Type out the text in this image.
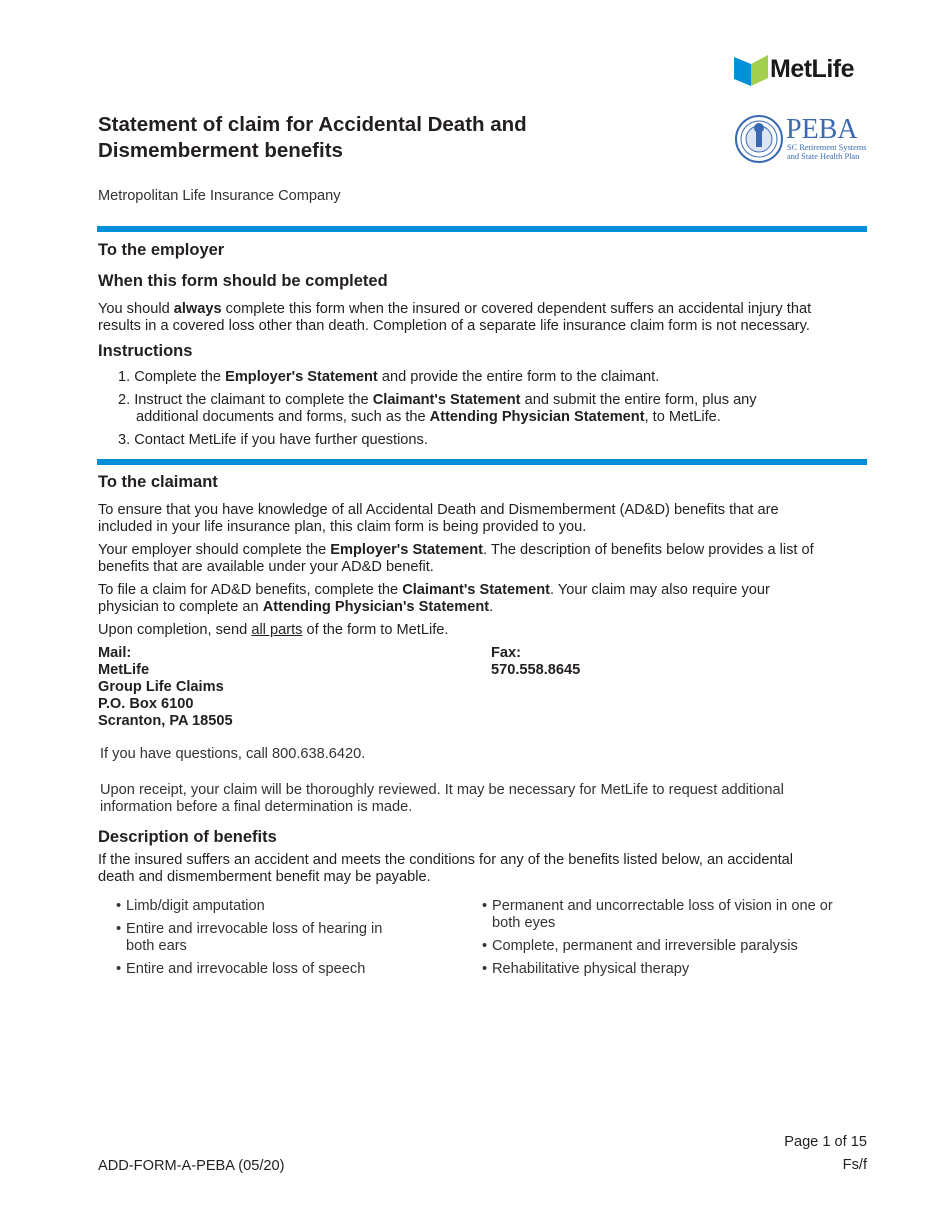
MetLife
PEBA
SC Retirement Systems
and State Health Plan
Statement of claim for Accidental Death and
Dismemberment benefits
Metropolitan Life Insurance Company
To the employer
When this form should be completed
You should always complete this form when the insured or covered dependent suffers an accidental injury that
results in a covered loss other than death. Completion of a separate life insurance claim form is not necessary.
Instructions
1. Complete the Employer's Statement and provide the entire form to the claimant.
2. Instruct the claimant to complete the Claimant's Statement and submit the entire form, plus any
additional documents and forms, such as the Attending Physician Statement, to MetLife.
3. Contact MetLife if you have further questions.
To the claimant
To ensure that you have knowledge of all Accidental Death and Dismemberment (AD&D) benefits that are
included in your life insurance plan, this claim form is being provided to you.
Your employer should complete the Employer's Statement. The description of benefits below provides a list of
benefits that are available under your AD&D benefit.
To file a claim for AD&D benefits, complete the Claimant's Statement. Your claim may also require your
physician to complete an Attending Physician's Statement.
Upon completion, send all parts of the form to MetLife.
Mail:
MetLife
Group Life Claims
P.O. Box 6100
Scranton, PA 18505
Fax:
570.558.8645
If you have questions, call 800.638.6420.
Upon receipt, your claim will be thoroughly reviewed. It may be necessary for MetLife to request additional
information before a final determination is made.
Description of benefits
If the insured suffers an accident and meets the conditions for any of the benefits listed below, an accidental
death and dismemberment benefit may be payable.
• Limb/digit amputation
• Entire and irrevocable loss of hearing in
both ears
• Entire and irrevocable loss of speech
• Permanent and uncorrectable loss of vision in one or
both eyes
• Complete, permanent and irreversible paralysis
• Rehabilitative physical therapy
ADD-FORM-A-PEBA (05/20)
Page 1 of 15
Fs/f
